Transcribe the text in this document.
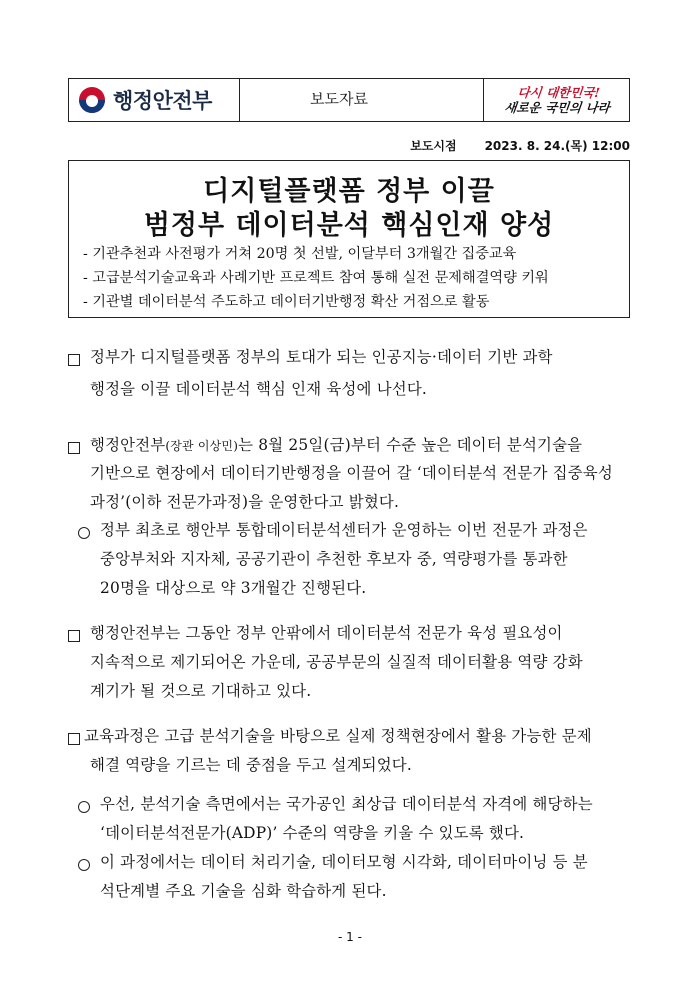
행정안전부	보도자료	다시 대한민국!
새로운 국민의 나라
보도시점 2023. 8. 24.(목) 12:00
디지털플랫폼 정부 이끌
범정부 데이터분석 핵심인재 양성
- 기관추천과 사전평가 거쳐 20명 첫 선발, 이달부터 3개월간 집중교육
- 고급분석기술교육과 사례기반 프로젝트 참여 통해 실전 문제해결역량 키워
- 기관별 데이터분석 주도하고 데이터기반행정 확산 거점으로 활동
정부가 디지털플랫폼 정부의 토대가 되는 인공지능·데이터 기반 과학
행정을 이끌 데이터분석 핵심 인재 육성에 나선다.
행정안전부(장관 이상민)는 8월 25일(금)부터 수준 높은 데이터 분석기술을
기반으로 현장에서 데이터기반행정을 이끌어 갈 ‘데이터분석 전문가 집중육성
과정’(이하 전문가과정)을 운영한다고 밝혔다.
정부 최초로 행안부 통합데이터분석센터가 운영하는 이번 전문가 과정은
중앙부처와 지자체, 공공기관이 추천한 후보자 중, 역량평가를 통과한
20명을 대상으로 약 3개월간 진행된다.
행정안전부는 그동안 정부 안팎에서 데이터분석 전문가 육성 필요성이
지속적으로 제기되어온 가운데, 공공부문의 실질적 데이터활용 역량 강화
계기가 될 것으로 기대하고 있다.
교육과정은 고급 분석기술을 바탕으로 실제 정책현장에서 활용 가능한 문제
해결 역량을 기르는 데 중점을 두고 설계되었다.
우선, 분석기술 측면에서는 국가공인 최상급 데이터분석 자격에 해당하는
‘데이터분석전문가(ADP)’ 수준의 역량을 키울 수 있도록 했다.
이 과정에서는 데이터 처리기술, 데이터모형 시각화, 데이터마이닝 등 분
석단계별 주요 기술을 심화 학습하게 된다.
- 1 -
